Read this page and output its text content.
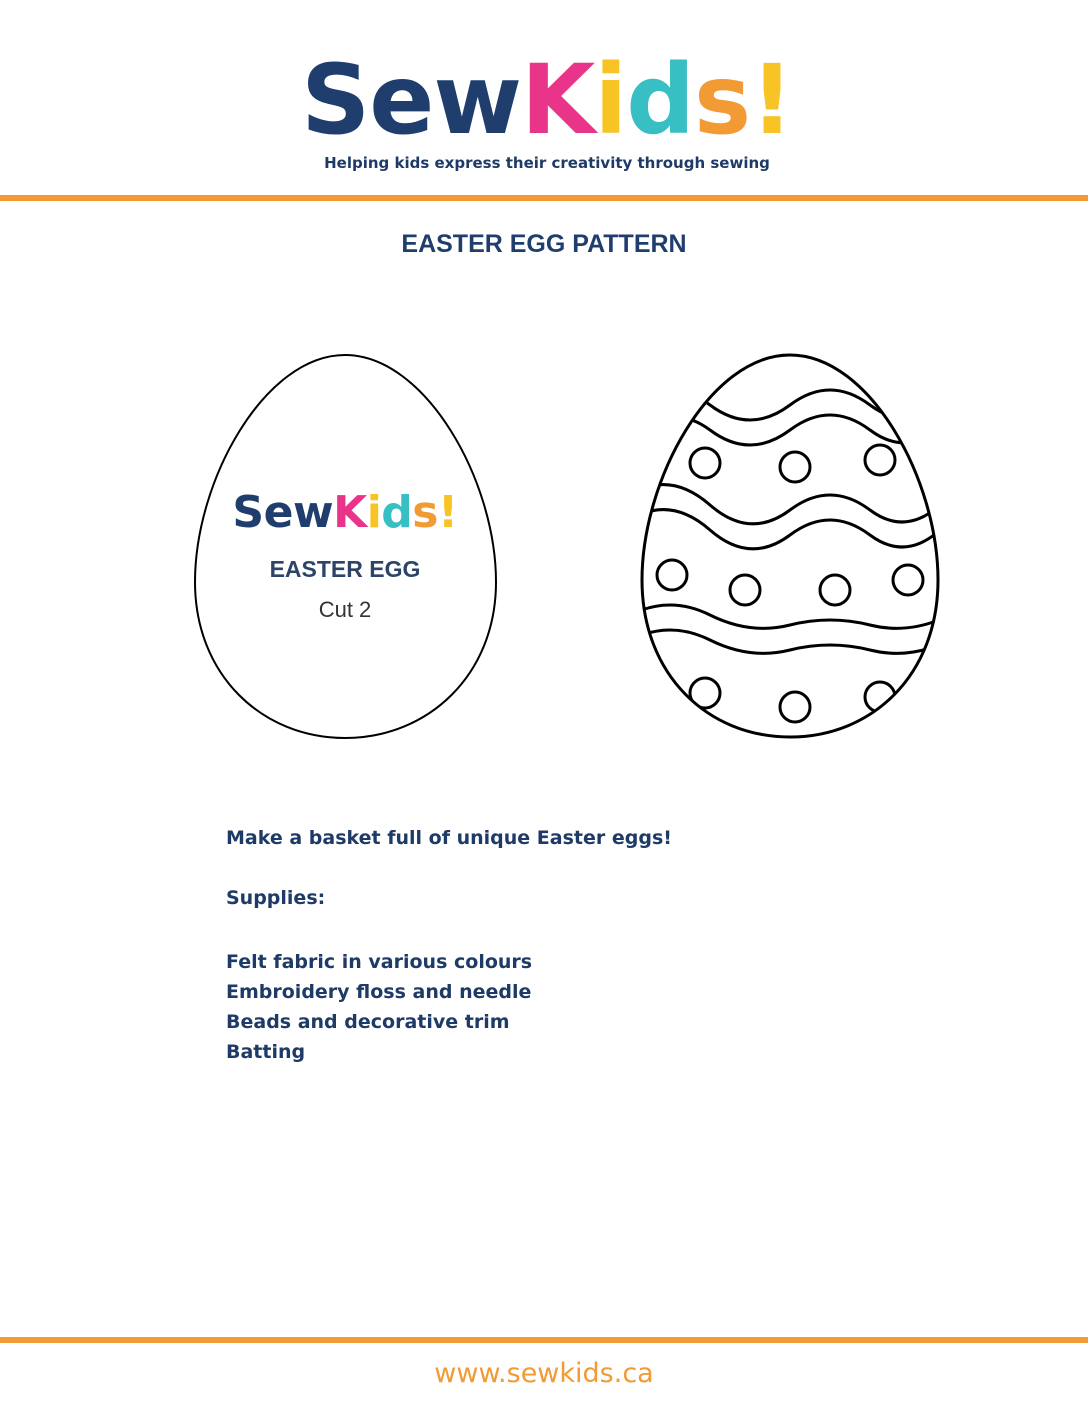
SewKids!
Helping kids express their creativity through sewing
EASTER EGG PATTERN
SewKids!
EASTER EGG
Cut 2
Make a basket full of unique Easter eggs!
Supplies:
Felt fabric in various colours
Embroidery floss and needle
Beads and decorative trim
Batting
www.sewkids.ca
